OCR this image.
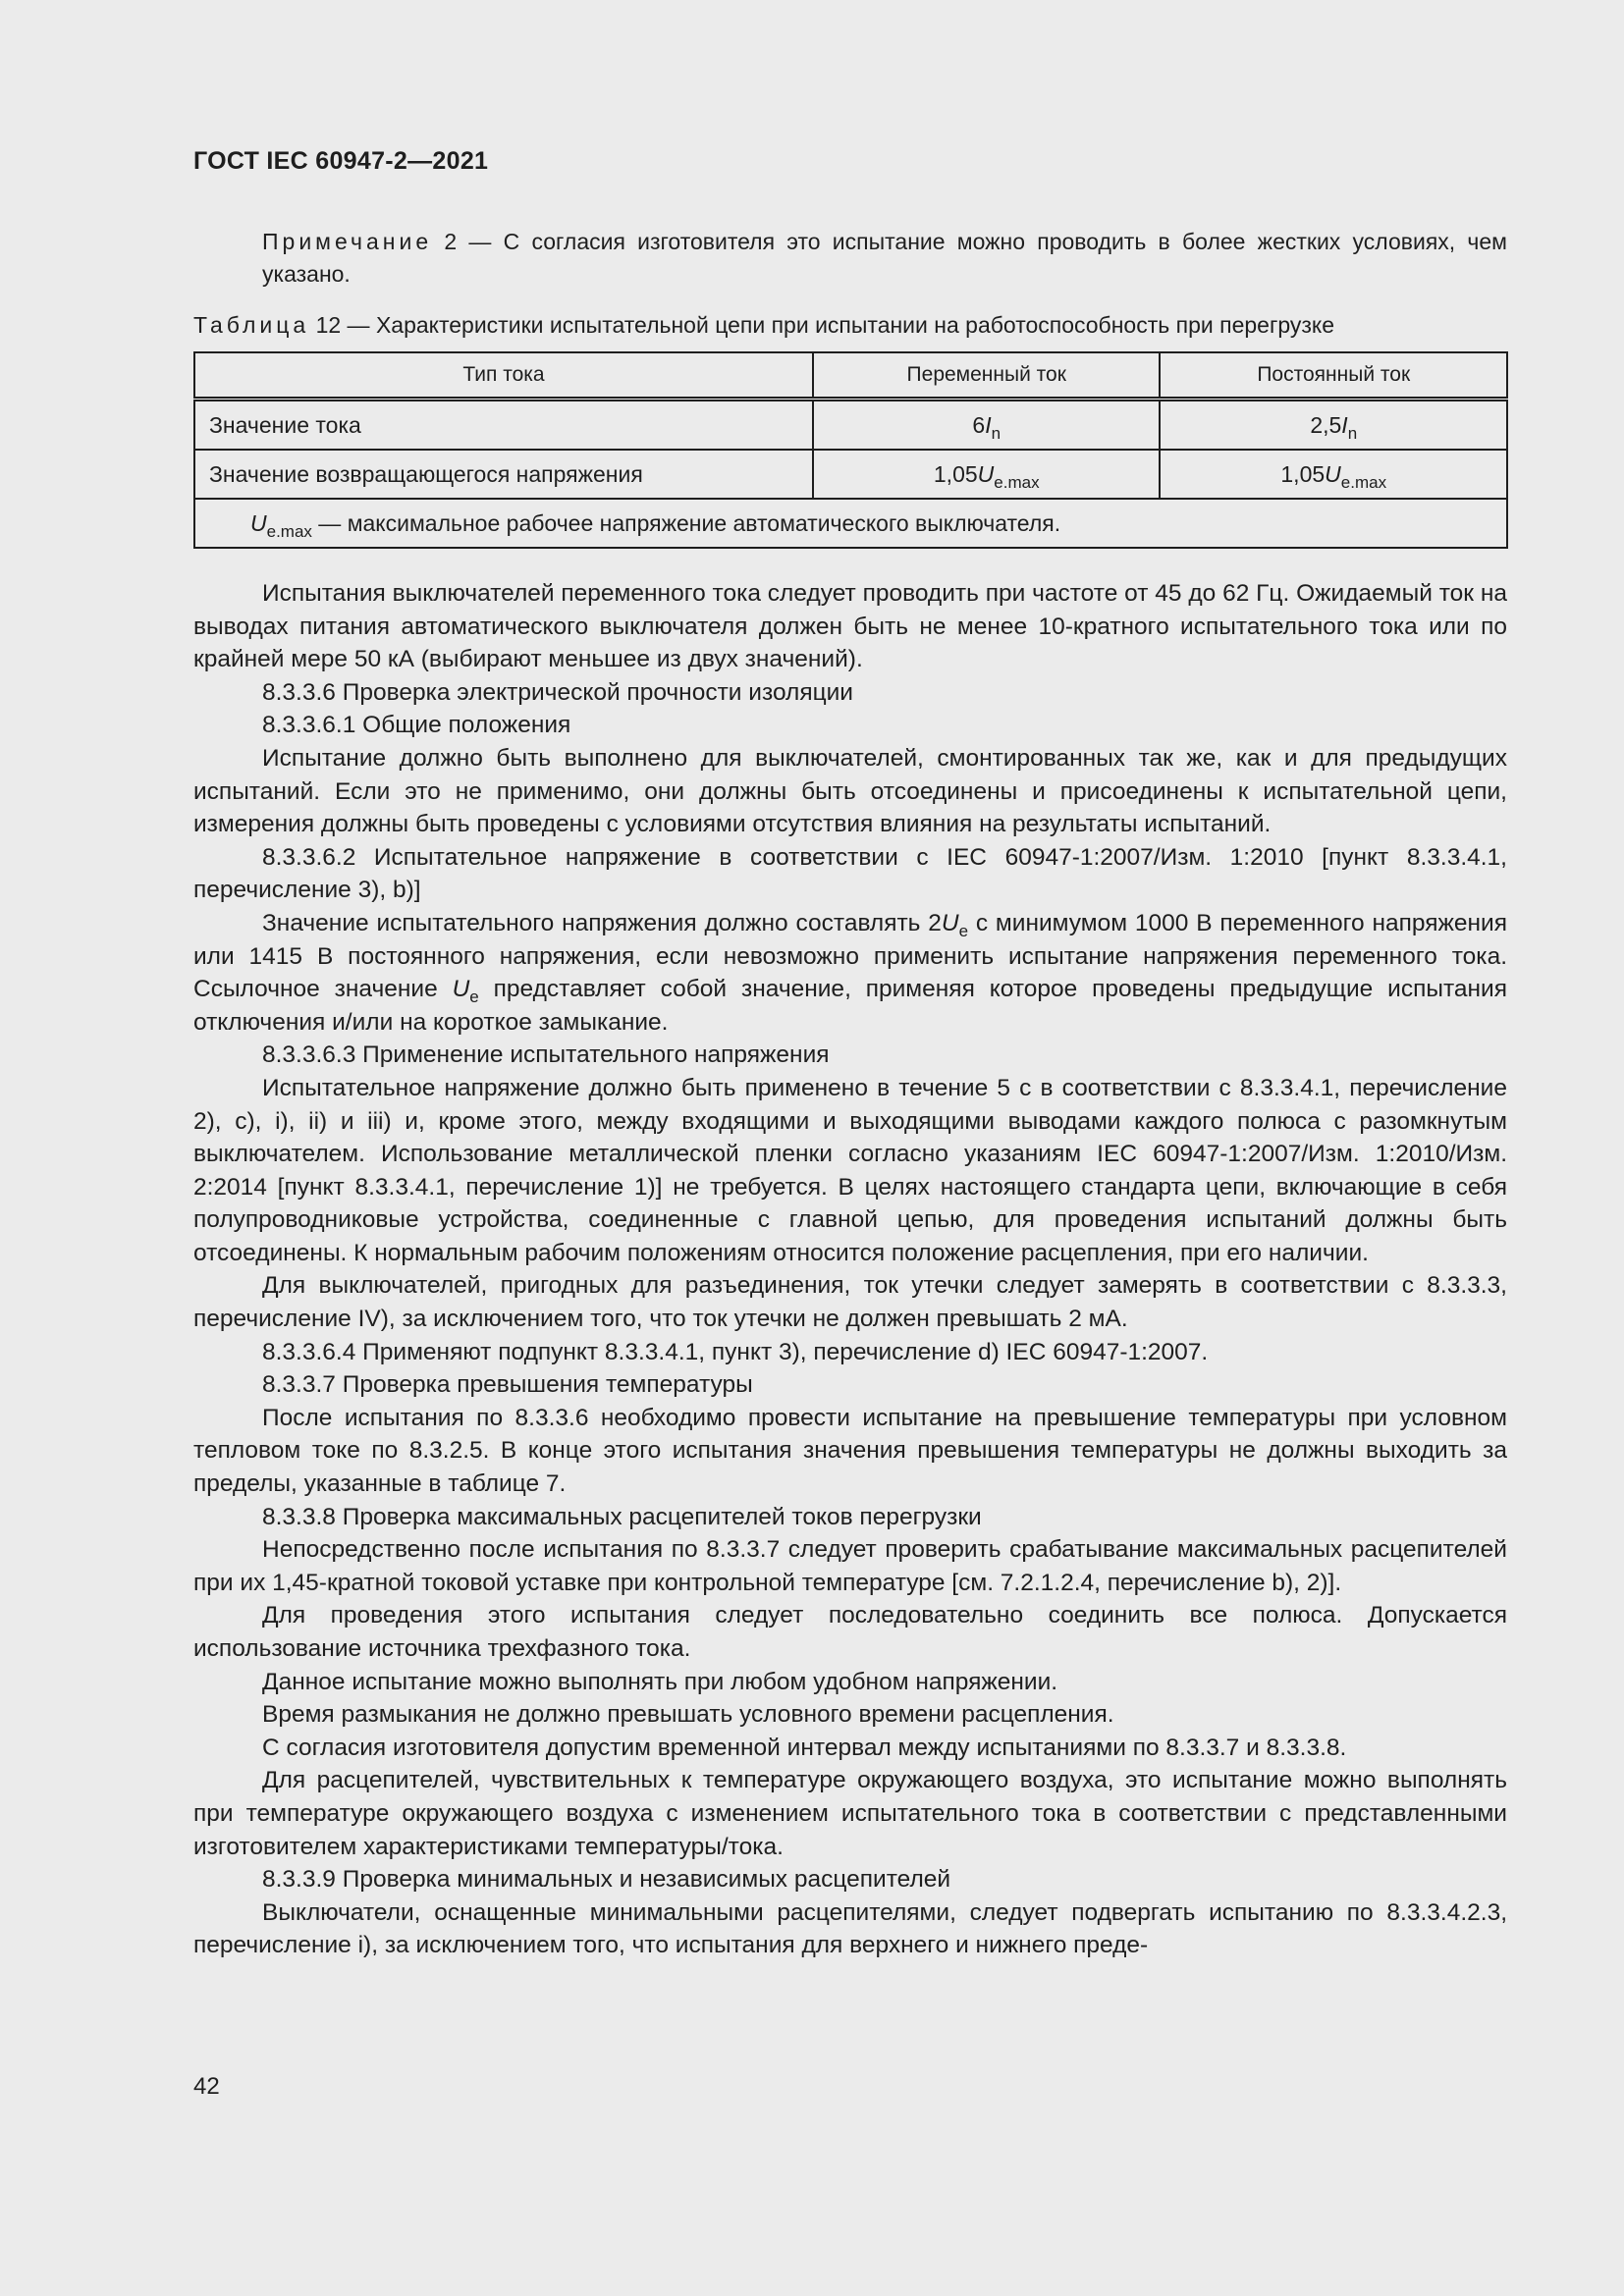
ГОСТ IEC 60947-2—2021
Примечание 2 — С согласия изготовителя это испытание можно проводить в более жестких условиях, чем указано.
Таблица 12 — Характеристики испытательной цепи при испытании на работоспособность при перегрузке
Тип тока	Переменный ток	Постоянный ток
Значение тока	$6I_n$	$2,5I_n$
Значение возвращающегося напряжения	$1,05U_{e.max}$	$1,05U_{e.max}$
$U_{e.max}$ — максимальное рабочее напряжение автоматического выключателя.		

Испытания выключателей переменного тока следует проводить при частоте от 45 до 62 Гц. Ожидаемый ток на выводах питания автоматического выключателя должен быть не менее 10-кратного испытательного тока или по крайней мере 50 кА (выбирают меньшее из двух значений).

8.3.3.6 Проверка электрической прочности изоляции

8.3.3.6.1 Общие положения

Испытание должно быть выполнено для выключателей, смонтированных так же, как и для предыдущих испытаний. Если это не применимо, они должны быть отсоединены и присоединены к испытательной цепи, измерения должны быть проведены с условиями отсутствия влияния на результаты испытаний.

8.3.3.6.2 Испытательное напряжение в соответствии с IEC 60947-1:2007/Изм. 1:2010 [пункт 8.3.3.4.1, перечисление 3), b)]

Значение испытательного напряжения должно составлять $2U_e$ с минимумом 1000 В переменного напряжения или 1415 В постоянного напряжения, если невозможно применить испытание напряжения переменного тока. Ссылочное значение $U_e$ представляет собой значение, применяя которое проведены предыдущие испытания отключения и/или на короткое замыкание.

8.3.3.6.3 Применение испытательного напряжения

Испытательное напряжение должно быть применено в течение 5 с в соответствии с 8.3.3.4.1, перечисление 2), c), i), ii) и iii) и, кроме этого, между входящими и выходящими выводами каждого полюса с разомкнутым выключателем. Использование металлической пленки согласно указаниям IEC 60947-1:2007/Изм. 1:2010/Изм. 2:2014 [пункт 8.3.3.4.1, перечисление 1)] не требуется. В целях настоящего стандарта цепи, включающие в себя полупроводниковые устройства, соединенные с главной цепью, для проведения испытаний должны быть отсоединены. К нормальным рабочим положениям относится положение расцепления, при его наличии.

Для выключателей, пригодных для разъединения, ток утечки следует замерять в соответствии с 8.3.3.3, перечисление IV), за исключением того, что ток утечки не должен превышать 2 мА.

8.3.3.6.4 Применяют подпункт 8.3.3.4.1, пункт 3), перечисление d) IEC 60947-1:2007.

8.3.3.7 Проверка превышения температуры

После испытания по 8.3.3.6 необходимо провести испытание на превышение температуры при условном тепловом токе по 8.3.2.5. В конце этого испытания значения превышения температуры не должны выходить за пределы, указанные в таблице 7.

8.3.3.8 Проверка максимальных расцепителей токов перегрузки

Непосредственно после испытания по 8.3.3.7 следует проверить срабатывание максимальных расцепителей при их 1,45-кратной токовой уставке при контрольной температуре [см. 7.2.1.2.4, перечисление b), 2)].

Для проведения этого испытания следует последовательно соединить все полюса. Допускается использование источника трехфазного тока.

Данное испытание можно выполнять при любом удобном напряжении.

Время размыкания не должно превышать условного времени расцепления.

С согласия изготовителя допустим временной интервал между испытаниями по 8.3.3.7 и 8.3.3.8.

Для расцепителей, чувствительных к температуре окружающего воздуха, это испытание можно выполнять при температуре окружающего воздуха с изменением испытательного тока в соответствии с представленными изготовителем характеристиками температуры/тока.

8.3.3.9 Проверка минимальных и независимых расцепителей

Выключатели, оснащенные минимальными расцепителями, следует подвергать испытанию по 8.3.3.4.2.3, перечисление i), за исключением того, что испытания для верхнего и нижнего преде-

42
